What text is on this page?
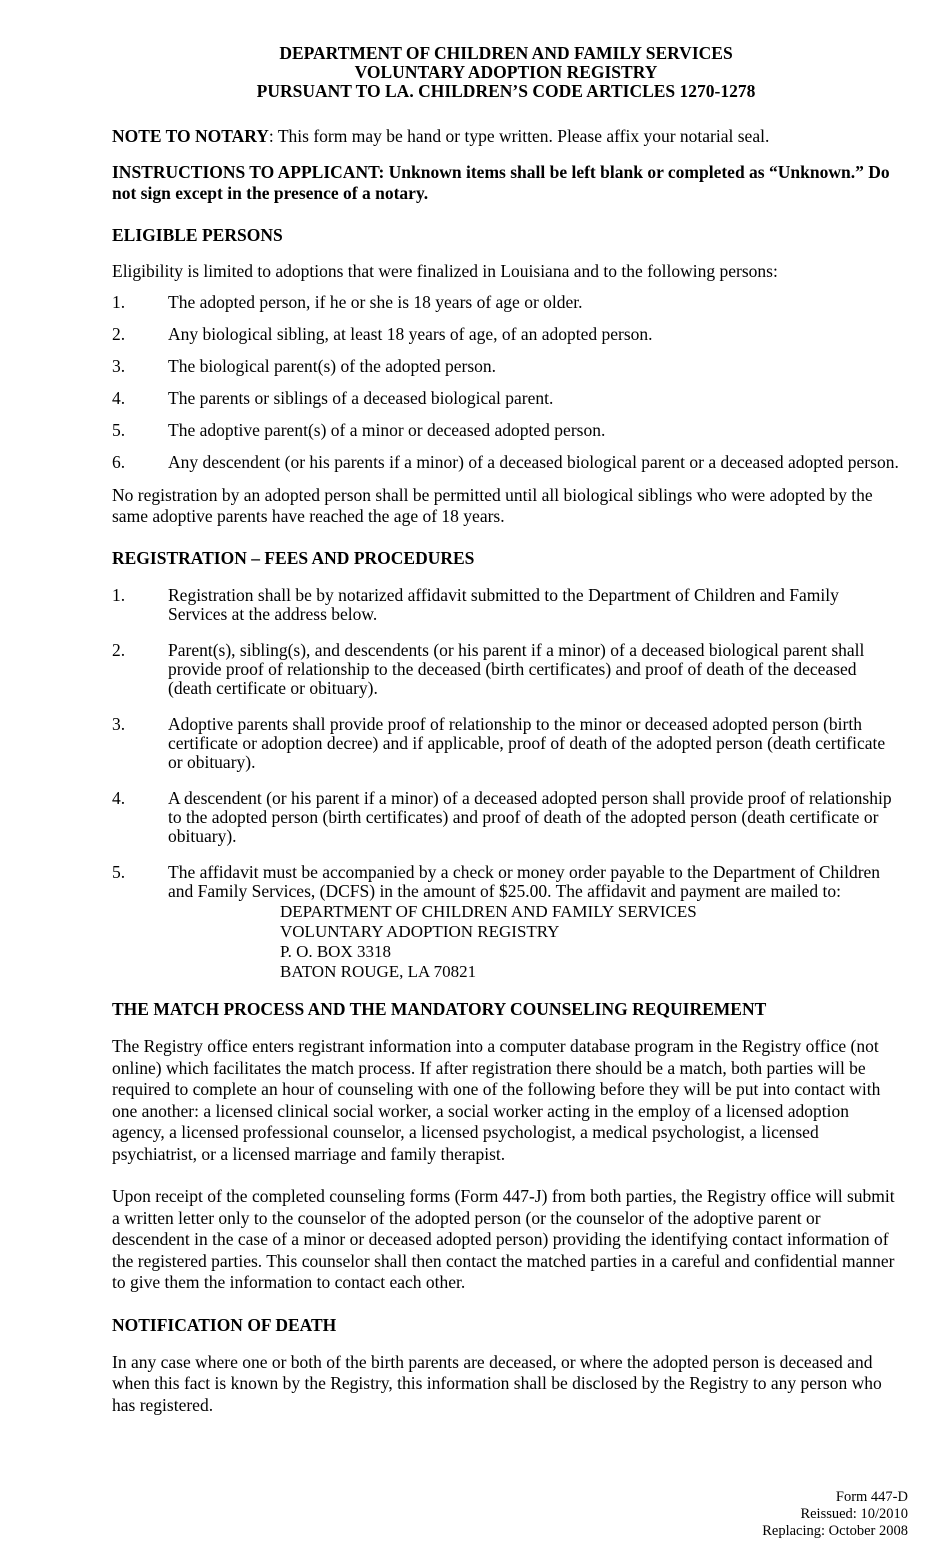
DEPARTMENT OF CHILDREN AND FAMILY SERVICES
VOLUNTARY ADOPTION REGISTRY
PURSUANT TO LA. CHILDREN’S CODE ARTICLES 1270-1278

NOTE TO NOTARY: This form may be hand or type written. Please affix your notarial seal.

INSTRUCTIONS TO APPLICANT: Unknown items shall be left blank or completed as “Unknown.” Do not sign except in the presence of a notary.

ELIGIBLE PERSONS

Eligibility is limited to adoptions that were finalized in Louisiana and to the following persons:

1.	The adopted person, if he or she is 18 years of age or older.
2.	Any biological sibling, at least 18 years of age, of an adopted person.
3.	The biological parent(s) of the adopted person.
4.	The parents or siblings of a deceased biological parent.
5.	The adoptive parent(s) of a minor or deceased adopted person.
6.	Any descendent (or his parents if a minor) of a deceased biological parent or a deceased adopted person.

No registration by an adopted person shall be permitted until all biological siblings who were adopted by the same adoptive parents have reached the age of 18 years.

REGISTRATION – FEES AND PROCEDURES
1.	Registration shall be by notarized affidavit submitted to the Department of Children and Family Services at the address below.
2.	Parent(s), sibling(s), and descendents (or his parent if a minor) of a deceased biological parent shall provide proof of relationship to the deceased (birth certificates) and proof of death of the deceased (death certificate or obituary).
3.	Adoptive parents shall provide proof of relationship to the minor or deceased adopted person (birth certificate or adoption decree) and if applicable, proof of death of the adopted person (death certificate or obituary).
4.	A descendent (or his parent if a minor) of a deceased adopted person shall provide proof of relationship to the adopted person (birth certificates) and proof of death of the adopted person (death certificate or obituary).
5.	The affidavit must be accompanied by a check or money order payable to the Department of Children and Family Services, (DCFS) in the amount of $25.00. The affidavit and payment are mailed to:
DEPARTMENT OF CHILDREN AND FAMILY SERVICES
VOLUNTARY ADOPTION REGISTRY
P. O. BOX 3318
BATON ROUGE, LA 70821
THE MATCH PROCESS AND THE MANDATORY COUNSELING REQUIREMENT

The Registry office enters registrant information into a computer database program in the Registry office (not online) which facilitates the match process. If after registration there should be a match, both parties will be required to complete an hour of counseling with one of the following before they will be put into contact with one another: a licensed clinical social worker, a social worker acting in the employ of a licensed adoption agency, a licensed professional counselor, a licensed psychologist, a medical psychologist, a licensed psychiatrist, or a licensed marriage and family therapist.

Upon receipt of the completed counseling forms (Form 447-J) from both parties, the Registry office will submit a written letter only to the counselor of the adopted person (or the counselor of the adoptive parent or descendent in the case of a minor or deceased adopted person) providing the identifying contact information of the registered parties. This counselor shall then contact the matched parties in a careful and confidential manner to give them the information to contact each other.

NOTIFICATION OF DEATH

In any case where one or both of the birth parents are deceased, or where the adopted person is deceased and when this fact is known by the Registry, this information shall be disclosed by the Registry to any person who has registered.

Form 447-D
Reissued: 10/2010
Replacing: October 2008
